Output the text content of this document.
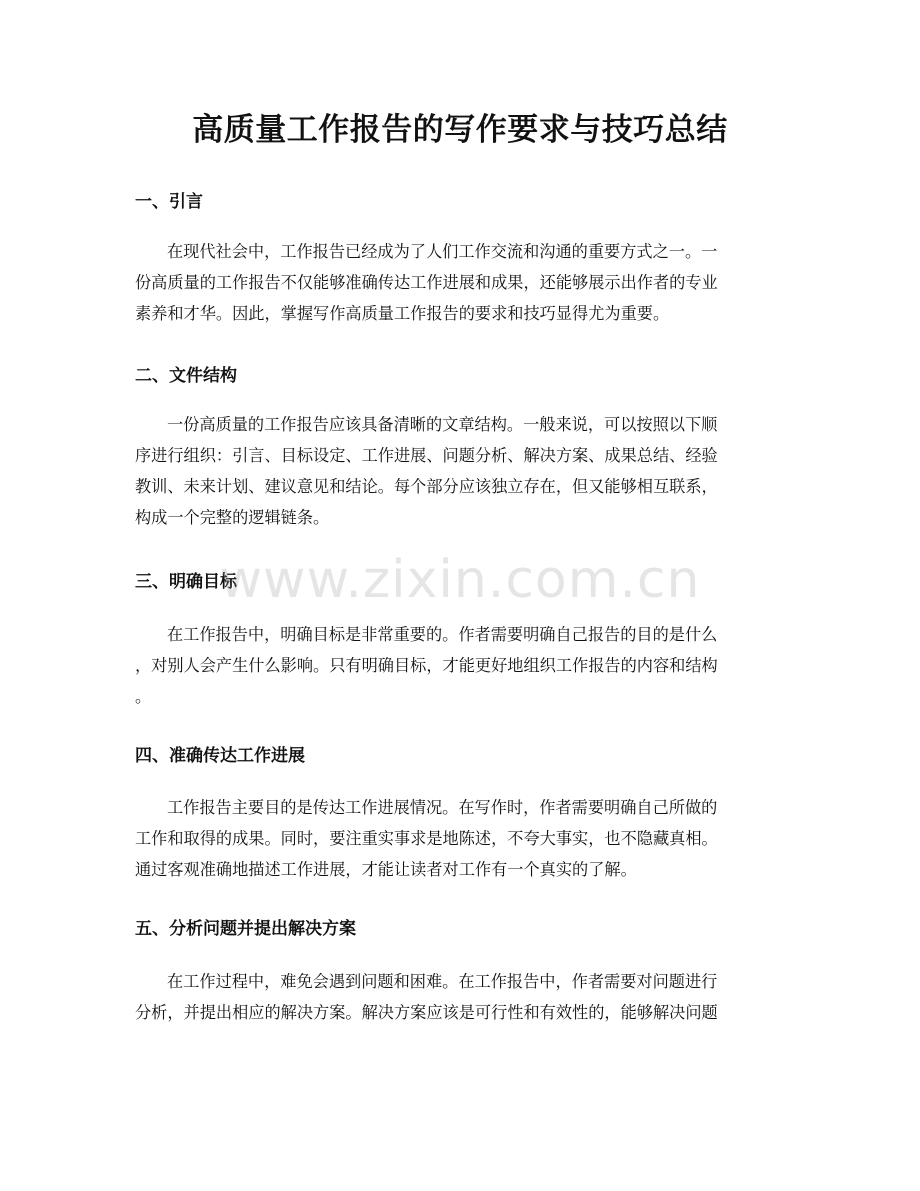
高质量工作报告的写作要求与技巧总结
一、引言

在现代社会中，工作报告已经成为了人们工作交流和沟通的重要方式之一。一
份高质量的工作报告不仅能够准确传达工作进展和成果，还能够展示出作者的专业
素养和才华。因此，掌握写作高质量工作报告的要求和技巧显得尤为重要。

二、文件结构

一份高质量的工作报告应该具备清晰的文章结构。一般来说，可以按照以下顺
序进行组织：引言、目标设定、工作进展、问题分析、解决方案、成果总结、经验
教训、未来计划、建议意见和结论。每个部分应该独立存在，但又能够相互联系，
构成一个完整的逻辑链条。

三、明确目标

在工作报告中，明确目标是非常重要的。作者需要明确自己报告的目的是什么
，对别人会产生什么影响。只有明确目标，才能更好地组织工作报告的内容和结构
。

四、准确传达工作进展

工作报告主要目的是传达工作进展情况。在写作时，作者需要明确自己所做的
工作和取得的成果。同时，要注重实事求是地陈述，不夸大事实，也不隐藏真相。
通过客观准确地描述工作进展，才能让读者对工作有一个真实的了解。

五、分析问题并提出解决方案

在工作过程中，难免会遇到问题和困难。在工作报告中，作者需要对问题进行
分析，并提出相应的解决方案。解决方案应该是可行性和有效性的，能够解决问题

www.zixin.com.cn
